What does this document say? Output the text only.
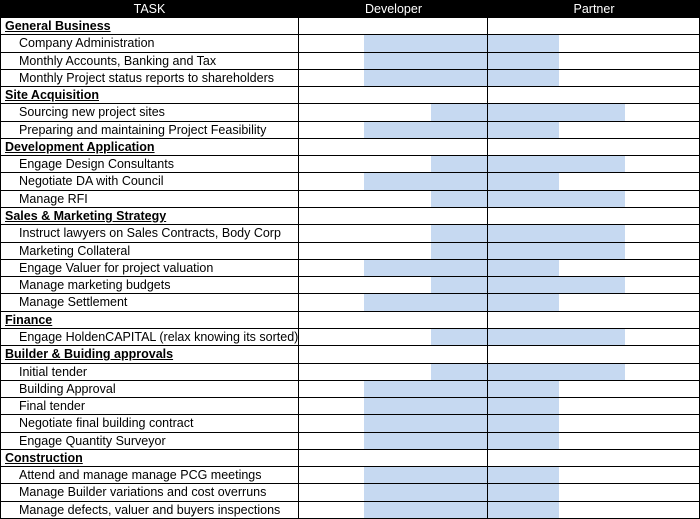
TASK	Developer	Partner
General Business
Company Administration
Monthly Accounts, Banking and Tax
Monthly Project status reports to shareholders
Site Acquisition
Sourcing new project sites
Preparing and maintaining Project Feasibility
Development Application
Engage Design Consultants
Negotiate DA with Council
Manage RFI
Sales & Marketing Strategy
Instruct lawyers on Sales Contracts, Body Corp
Marketing Collateral
Engage Valuer for project valuation
Manage marketing budgets
Manage Settlement
Finance
Engage HoldenCAPITAL (relax knowing its sorted)
Builder & Buiding approvals
Initial tender
Building Approval
Final tender
Negotiate final building contract
Engage Quantity Surveyor
Construction
Attend and manage manage PCG meetings
Manage Builder variations and cost overruns
Manage defects, valuer and buyers inspections
